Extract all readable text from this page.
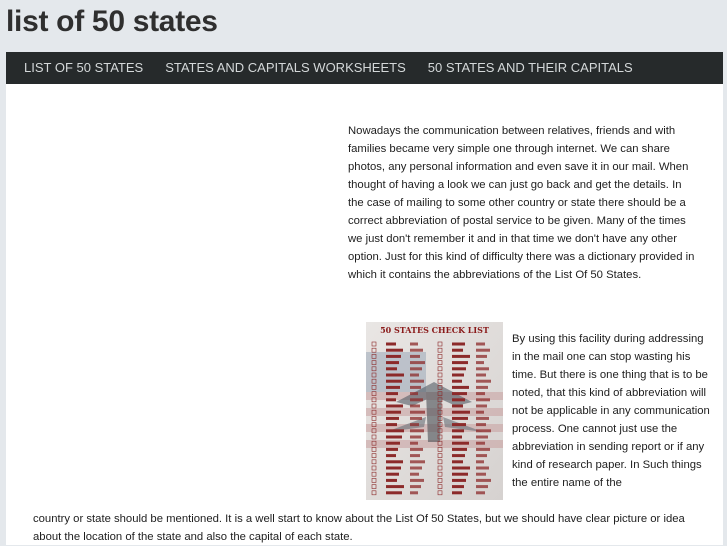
list of 50 states
LIST OF 50 STATES	STATES AND CAPITALS WORKSHEETS	50 STATES AND THEIR CAPITALS

Nowadays the communication between relatives, friends and with families became very simple one through internet. We can share photos, any personal information and even save it in our mail. When thought of having a look we can just go back and get the details. In the case of mailing to some other country or state there should be a correct abbreviation of postal service to be given. Many of the times we just don't remember it and in that time we don't have any other option. Just for this kind of difficulty there was a dictionary provided in which it contains the abbreviations of the List Of 50 States.

50 STATES CHECK LIST

By using this facility during addressing in the mail one can stop wasting his time. But there is one thing that is to be noted, that this kind of abbreviation will not be applicable in any communication process. One cannot just use the abbreviation in sending report or if any kind of research paper. In Such things the entire name of the

country or state should be mentioned. It is a well start to know about the List Of 50 States, but we should have clear picture or idea about the location of the state and also the capital of each state.
